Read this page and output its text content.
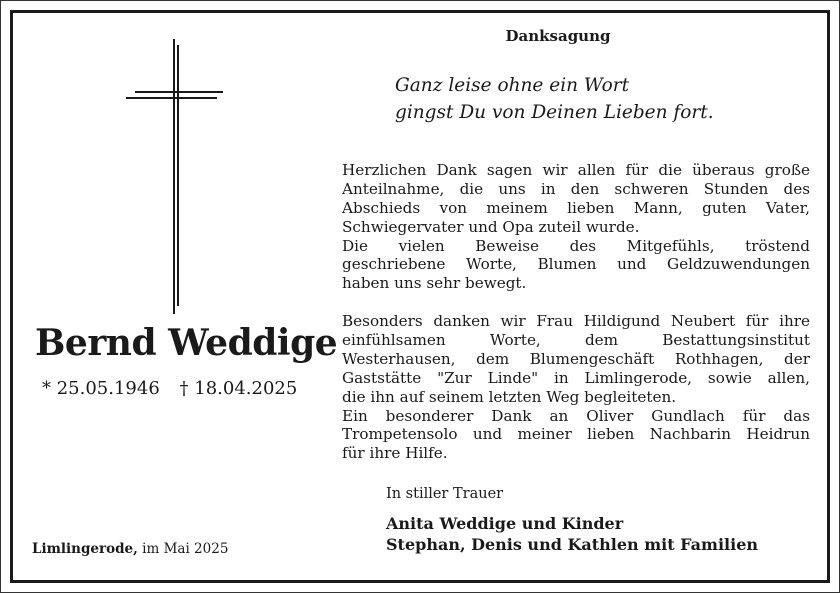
Danksagung
Ganz leise ohne ein Wort
gingst Du von Deinen Lieben fort.
Herzlichen Dank sagen wir allen für die überaus große
Anteilnahme, die uns in den schweren Stunden des
Abschieds von meinem lieben Mann, guten Vater,
Schwiegervater und Opa zuteil wurde.
Die vielen Beweise des Mitgefühls, tröstend
geschriebene Worte, Blumen und Geldzuwendungen
haben uns sehr bewegt.
Besonders danken wir Frau Hildigund Neubert für ihre
einfühlsamen Worte, dem Bestattungsinstitut
Westerhausen, dem Blumengeschäft Rothhagen, der
Gaststätte "Zur Linde" in Limlingerode, sowie allen,
die ihn auf seinem letzten Weg begleiteten.
Ein besonderer Dank an Oliver Gundlach für das
Trompetensolo und meiner lieben Nachbarin Heidrun
für ihre Hilfe.
Bernd Weddige
* 25.05.1946 † 18.04.2025
Limlingerode, im Mai 2025
In stiller Trauer
Anita Weddige und Kinder
Stephan, Denis und Kathlen mit Familien
